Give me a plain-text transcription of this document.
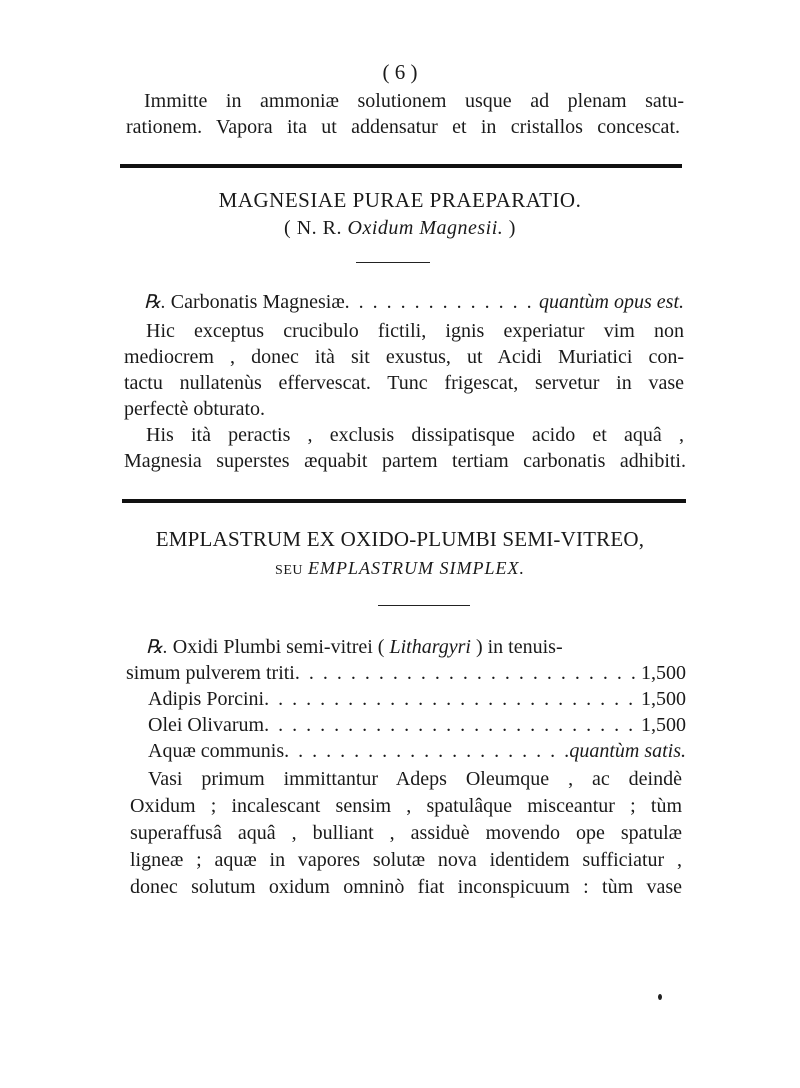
( 6 )
Immitte in ammoniæ solutionem usque ad plenam satu-
rationem. Vapora ita ut addensatur et in cristallos concescat.
MAGNESIAE PURAE PRAEPARATIO.
( N. R. Oxidum Magnesii. )
℞. Carbonatis Magnesiæ . . .	quantùm opus est.
Hic exceptus crucibulo fictili, ignis experiatur vim non
mediocrem , donec ità sit exustus, ut Acidi Muriatici con-
tactu nullatenùs effervescat. Tunc frigescat, servetur in vase
perfectè obturato.
His ità peractis , exclusis dissipatisque acido et aquâ ,
Magnesia superstes æquabit partem tertiam carbonatis adhibiti.
EMPLASTRUM EX OXIDO-PLUMBI SEMI-VITREO,
SEU EMPLASTRUM SIMPLEX.
℞. Oxidi Plumbi semi-vitrei ( Lithargyri ) in tenuis-
simum pulverem triti . . .	1,500
Adipis Porcini . . .	1,500
Olei Olivarum . . .	1,500
Aquæ communis . . .	quantùm satis.
Vasi primum immittantur Adeps Oleumque , ac deindè
Oxidum ; incalescant sensim , spatulâque misceantur ; tùm
superaffusâ aquâ , bulliant , assiduè movendo ope spatulæ
ligneæ ; aquæ in vapores solutæ nova identidem sufficiatur ,
donec solutum oxidum omninò fiat inconspicuum : tùm vase
